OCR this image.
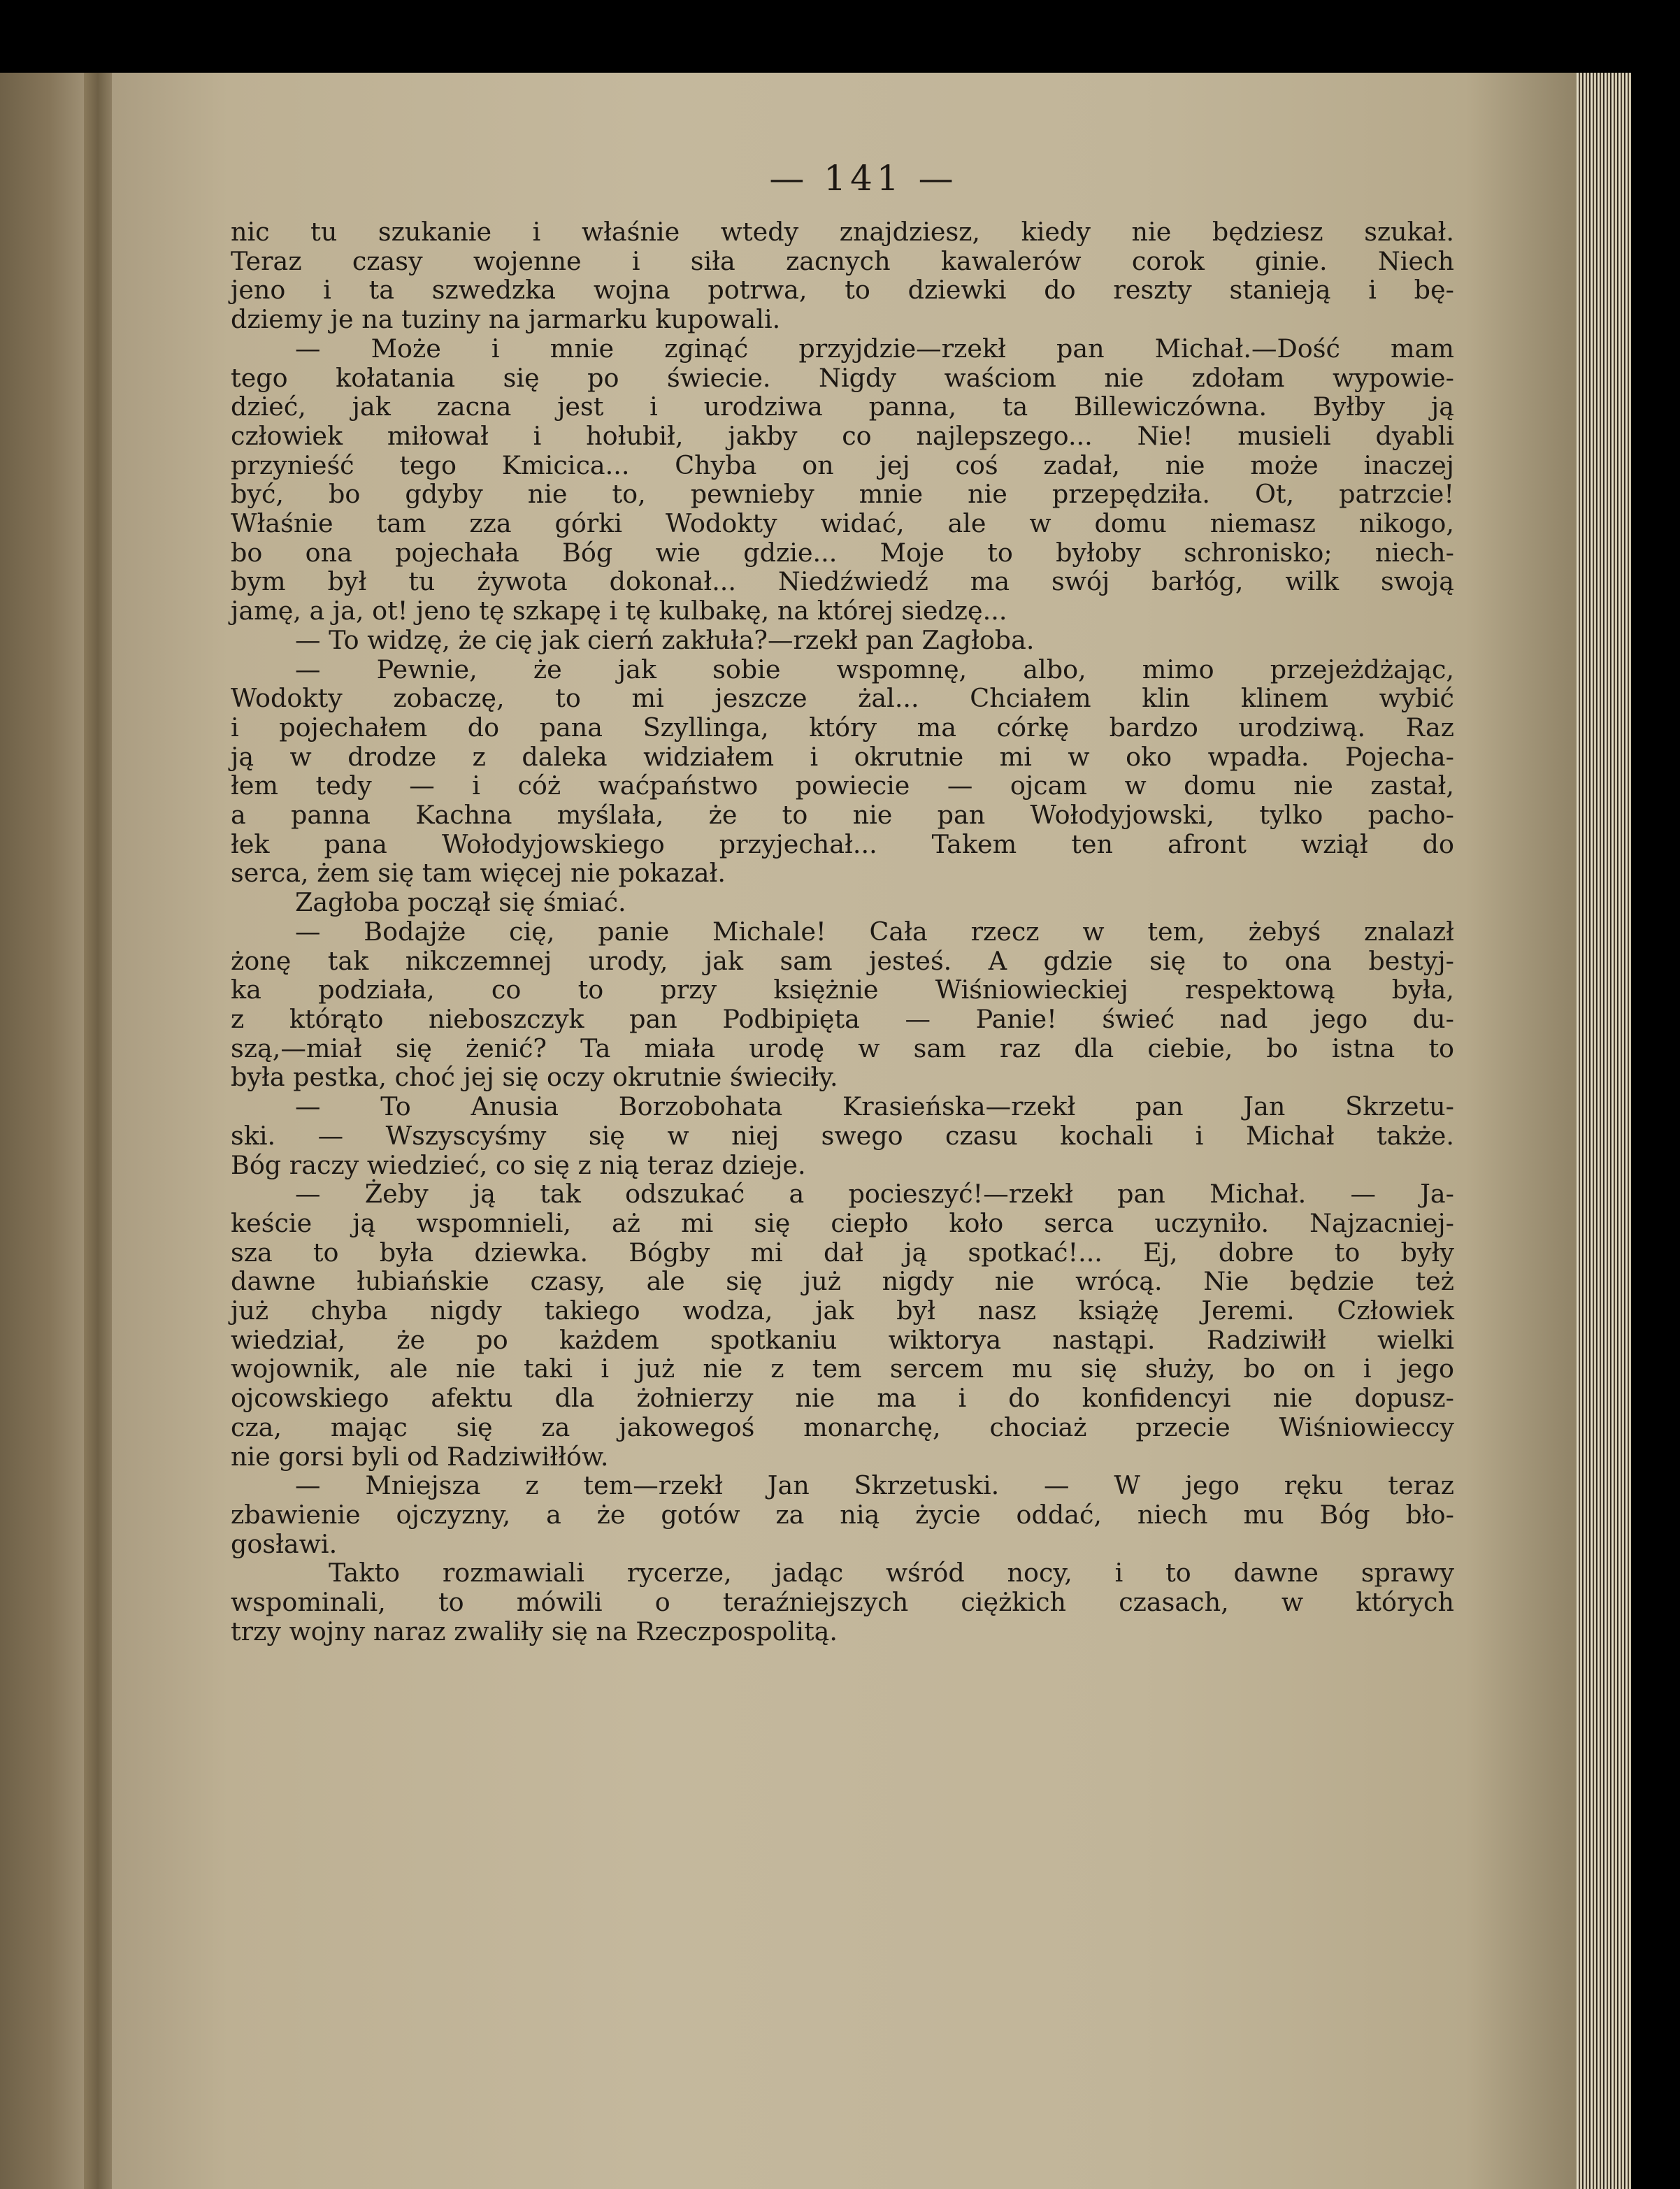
— 141 —
nic tu szukanie i właśnie wtedy znajdziesz, kiedy nie będziesz szukał.
Teraz czasy wojenne i siła zacnych kawalerów corok ginie. Niech
jeno i ta szwedzka wojna potrwa, to dziewki do reszty stanieją i bę-
dziemy je na tuziny na jarmarku kupowali.
— Może i mnie zginąć przyjdzie—rzekł pan Michał.—Dość mam
tego kołatania się po świecie. Nigdy waściom nie zdołam wypowie-
dzieć, jak zacna jest i urodziwa panna, ta Billewiczówna. Byłby ją
człowiek miłował i hołubił, jakby co najlepszego... Nie! musieli dyabli
przynieść tego Kmicica... Chyba on jej coś zadał, nie może inaczej
być, bo gdyby nie to, pewnieby mnie nie przepędziła. Ot, patrzcie!
Właśnie tam zza górki Wodokty widać, ale w domu niemasz nikogo,
bo ona pojechała Bóg wie gdzie... Moje to byłoby schronisko; niech-
bym był tu żywota dokonał... Niedźwiedź ma swój barłóg, wilk swoją
jamę, a ja, ot! jeno tę szkapę i tę kulbakę, na której siedzę...
— To widzę, że cię jak cierń zakłuła?—rzekł pan Zagłoba.
— Pewnie, że jak sobie wspomnę, albo, mimo przejeżdżając,
Wodokty zobaczę, to mi jeszcze żal... Chciałem klin klinem wybić
i pojechałem do pana Szyllinga, który ma córkę bardzo urodziwą. Raz
ją w drodze z daleka widziałem i okrutnie mi w oko wpadła. Pojecha-
łem tedy — i cóż waćpaństwo powiecie — ojcam w domu nie zastał,
a panna Kachna myślała, że to nie pan Wołodyjowski, tylko pacho-
łek pana Wołodyjowskiego przyjechał... Takem ten afront wziął do
serca, żem się tam więcej nie pokazał.
Zagłoba począł się śmiać.
— Bodajże cię, panie Michale! Cała rzecz w tem, żebyś znalazł
żonę tak nikczemnej urody, jak sam jesteś. A gdzie się to ona bestyj-
ka podziała, co to przy księżnie Wiśniowieckiej respektową była,
z którąto nieboszczyk pan Podbipięta — Panie! świeć nad jego du-
szą,—miał się żenić? Ta miała urodę w sam raz dla ciebie, bo istna to
była pestka, choć jej się oczy okrutnie świeciły.
— To Anusia Borzobohata Krasieńska—rzekł pan Jan Skrzetu-
ski. — Wszyscyśmy się w niej swego czasu kochali i Michał także.
Bóg raczy wiedzieć, co się z nią teraz dzieje.
— Żeby ją tak odszukać a pocieszyć!—rzekł pan Michał. — Ja-
keście ją wspomnieli, aż mi się ciepło koło serca uczyniło. Najzacniej-
sza to była dziewka. Bógby mi dał ją spotkać!... Ej, dobre to były
dawne łubiańskie czasy, ale się już nigdy nie wrócą. Nie będzie też
już chyba nigdy takiego wodza, jak był nasz książę Jeremi. Człowiek
wiedział, że po każdem spotkaniu wiktorya nastąpi. Radziwiłł wielki
wojownik, ale nie taki i już nie z tem sercem mu się służy, bo on i jego
ojcowskiego afektu dla żołnierzy nie ma i do konfidencyi nie dopusz-
cza, mając się za jakowegoś monarchę, chociaż przecie Wiśniowieccy
nie gorsi byli od Radziwiłłów.
— Mniejsza z tem—rzekł Jan Skrzetuski. — W jego ręku teraz
zbawienie ojczyzny, a że gotów za nią życie oddać, niech mu Bóg bło-
gosławi.
Takto rozmawiali rycerze, jadąc wśród nocy, i to dawne sprawy
wspominali, to mówili o teraźniejszych ciężkich czasach, w których
trzy wojny naraz zwaliły się na Rzeczpospolitą.
